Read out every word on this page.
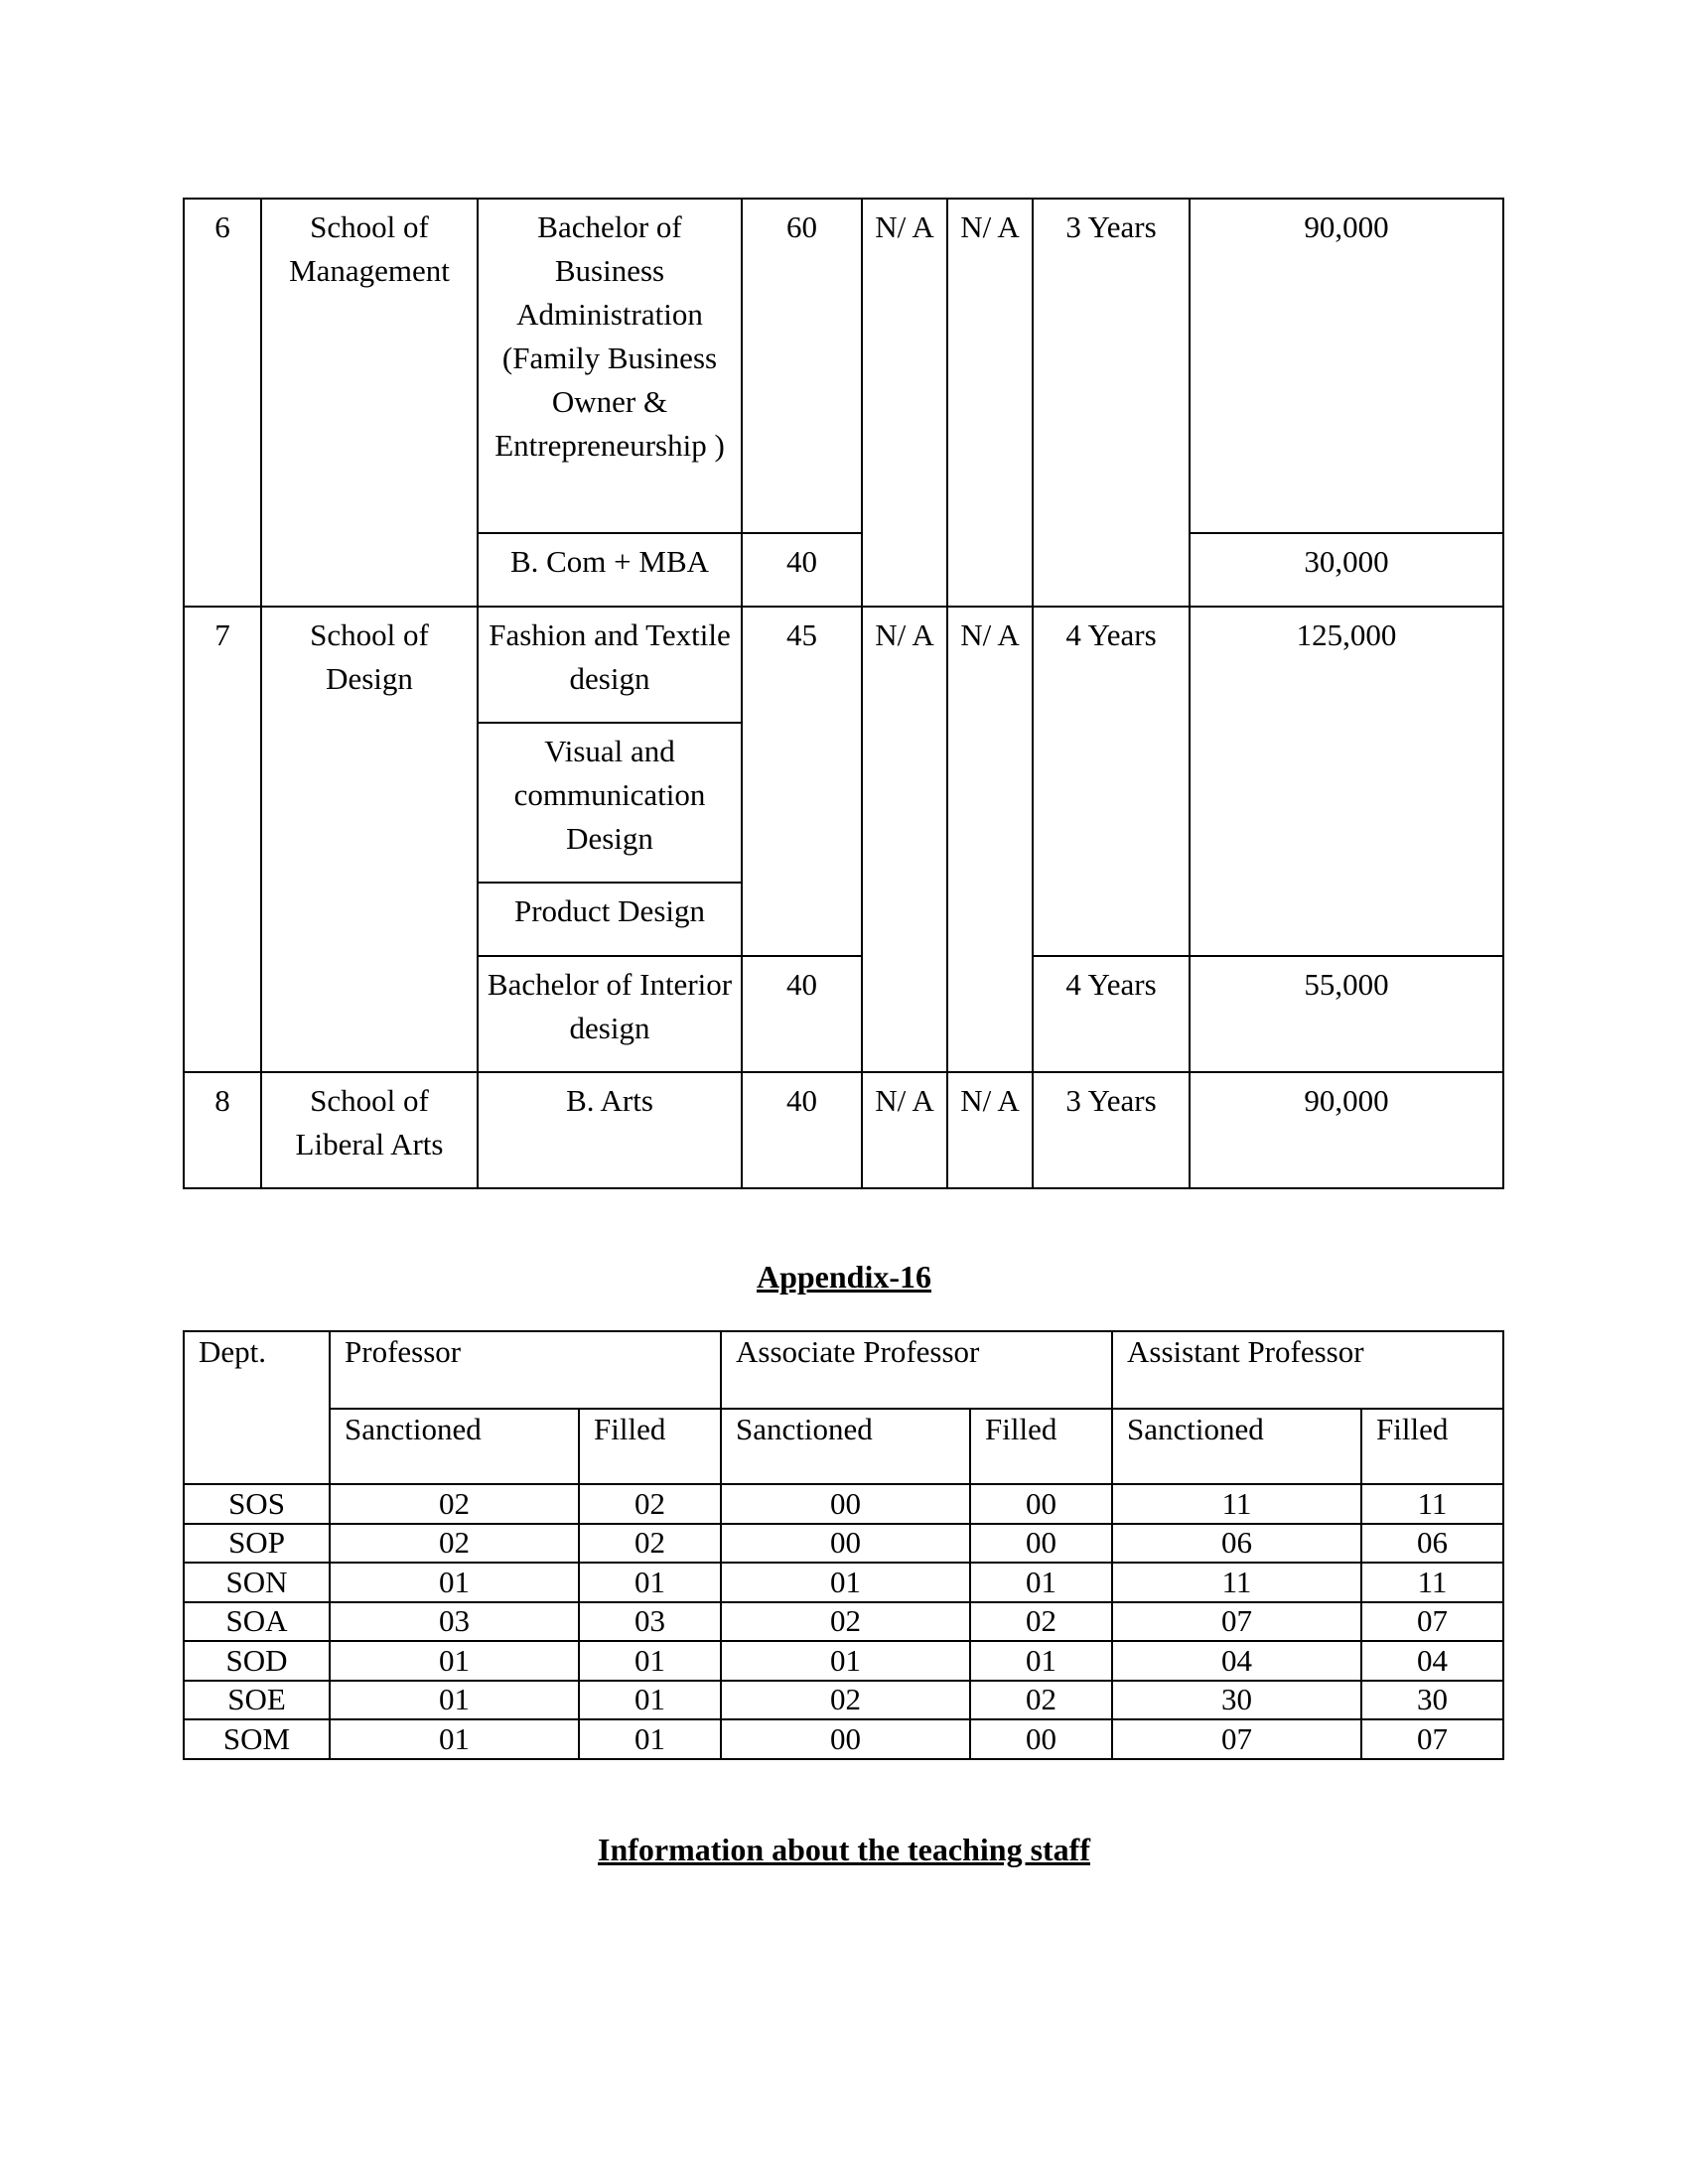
6	School of Management	Bachelor of Business Administration (Family Business Owner & Entrepreneurship )	60	N/ A	N/ A	3 Years	90,000
		B. Com + MBA	40				30,000
7	School of Design	Fashion and Textile design	45	N/ A	N/ A	4 Years	125,000
		Visual and communication Design					
		Product Design					
		Bachelor of Interior design	40			4 Years	55,000
8	School of Liberal Arts	B. Arts	40	N/ A	N/ A	3 Years	90,000
Appendix-16
Dept.	Professor		Associate Professor		Assistant Professor	
	Sanctioned	Filled	Sanctioned	Filled	Sanctioned	Filled
SOS	02	02	00	00	11	11
SOP	02	02	00	00	06	06
SON	01	01	01	01	11	11
SOA	03	03	02	02	07	07
SOD	01	01	01	01	04	04
SOE	01	01	02	02	30	30
SOM	01	01	00	00	07	07
Information about the teaching staff
